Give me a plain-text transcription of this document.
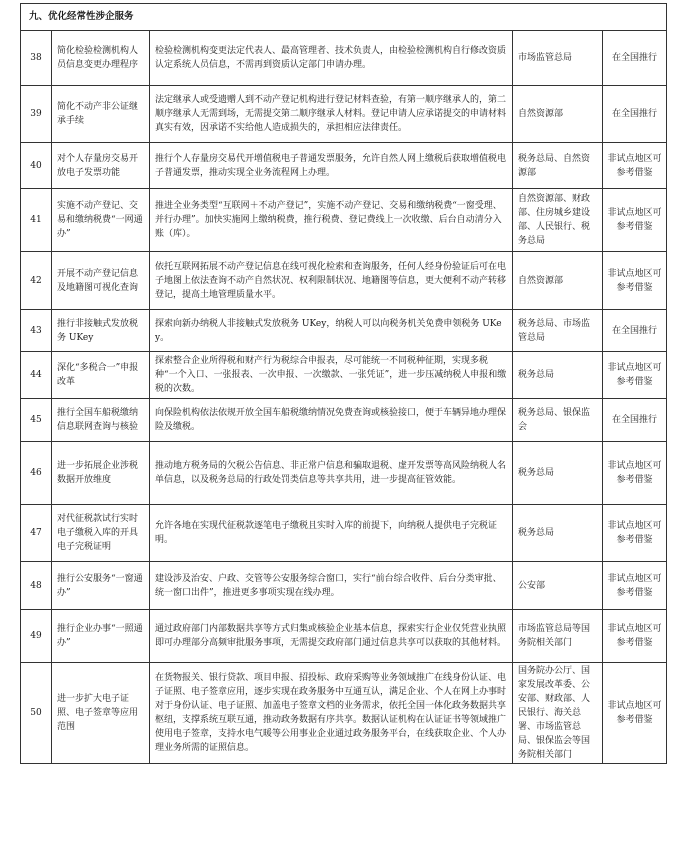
九、优化经常性涉企服务				
38	简化检验检测机构人员信息变更办理程序	检验检测机构变更法定代表人、最高管理者、技术负责人，由检验检测机构自行修改资质认定系统人员信息，不需再到资质认定部门申请办理。	市场监管总局	在全国推行
39	简化不动产非公证继承手续	法定继承人或受遗赠人到不动产登记机构进行登记材料查验，有第一顺序继承人的，第二顺序继承人无需到场，无需提交第二顺序继承人材料。登记申请人应承诺提交的申请材料真实有效，因承诺不实给他人造成损失的，承担相应法律责任。	自然资源部	在全国推行
40	对个人存量房交易开放电子发票功能	推行个人存量房交易代开增值税电子普通发票服务，允许自然人网上缴税后获取增值税电子普通发票，推动实现全业务流程网上办理。	税务总局、自然资源部	非试点地区可参考借鉴
41	实施不动产登记、交易和缴纳税费“一网通办”	推进全业务类型“互联网＋不动产登记”，实施不动产登记、交易和缴纳税费“一窗受理、并行办理”。加快实施网上缴纳税费，推行税费、登记费线上一次收缴、后台自动清分入账（库）。	自然资源部、财政部、住房城乡建设部、人民银行、税务总局	非试点地区可参考借鉴
42	开展不动产登记信息及地籍图可视化查询	依托互联网拓展不动产登记信息在线可视化检索和查询服务，任何人经身份验证后可在电子地图上依法查询不动产自然状况、权利限制状况、地籍图等信息，更大便利不动产转移登记，提高土地管理质量水平。	自然资源部	非试点地区可参考借鉴
43	推行非接触式发放税务 UKey	探索向新办纳税人非接触式发放税务 UKey，纳税人可以向税务机关免费申领税务 UKey。	税务总局、市场监管总局	在全国推行
44	深化“多税合一”申报改革	探索整合企业所得税和财产行为税综合申报表，尽可能统一不同税种征期，实现多税种“一个入口、一张报表、一次申报、一次缴款、一张凭证”，进一步压减纳税人申报和缴税的次数。	税务总局	非试点地区可参考借鉴
45	推行全国车船税缴纳信息联网查询与核验	向保险机构依法依规开放全国车船税缴纳情况免费查询或核验接口，便于车辆异地办理保险及缴税。	税务总局、银保监会	在全国推行
46	进一步拓展企业涉税数据开放维度	推动地方税务局的欠税公告信息、非正常户信息和骗取退税、虚开发票等高风险纳税人名单信息，以及税务总局的行政处罚类信息等共享共用，进一步提高征管效能。	税务总局	非试点地区可参考借鉴
47	对代征税款试行实时电子缴税入库的开具电子完税证明	允许各地在实现代征税款逐笔电子缴税且实时入库的前提下，向纳税人提供电子完税证明。	税务总局	非试点地区可参考借鉴
48	推行公安服务“一窗通办”	建设涉及治安、户政、交管等公安服务综合窗口，实行“前台综合收件、后台分类审批、统一窗口出件”，推进更多事项实现在线办理。	公安部	非试点地区可参考借鉴
49	推行企业办事“一照通办”	通过政府部门内部数据共享等方式归集或核验企业基本信息，探索实行企业仅凭营业执照即可办理部分高频审批服务事项，无需提交政府部门通过信息共享可以获取的其他材料。	市场监管总局等国务院相关部门	非试点地区可参考借鉴
50	进一步扩大电子证照、电子签章等应用范围	在货物报关、银行贷款、项目申报、招投标、政府采购等业务领域推广在线身份认证、电子证照、电子签章应用，逐步实现在政务服务中互通互认，满足企业、个人在网上办事时对于身份认证、电子证照、加盖电子签章文档的业务需求，依托全国一体化政务数据共享枢纽，支撑系统互联互通，推动政务数据有序共享。数据认证机构在认证证书等领域推广使用电子签章，支持水电气暖等公用事业企业通过政务服务平台，在线获取企业、个人办理业务所需的证照信息。	国务院办公厅、国家发展改革委、公安部、财政部、人民银行、海关总署、市场监管总局、银保监会等国务院相关部门	非试点地区可参考借鉴
